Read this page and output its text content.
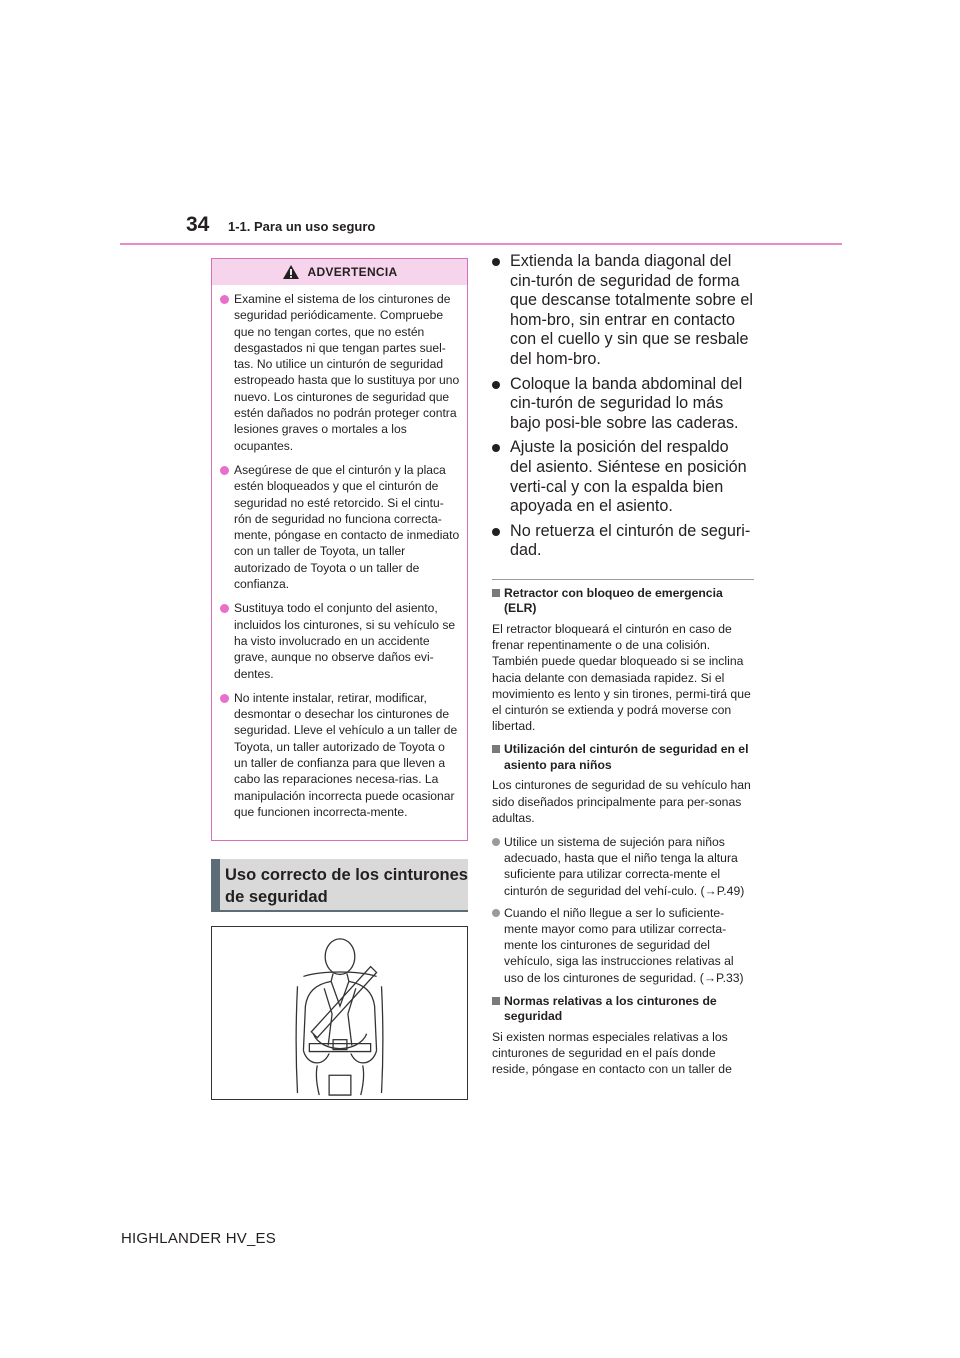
34 1-1. Para un uso seguro
ADVERTENCIA
Examine el sistema de los cinturones de seguridad periódicamente. Compruebe que no tengan cortes, que no estén desgastados ni que tengan partes suel-tas. No utilice un cinturón de seguridad estropeado hasta que lo sustituya por uno nuevo. Los cinturones de seguridad que estén dañados no podrán proteger contra lesiones graves o mortales a los ocupantes.
Asegúrese de que el cinturón y la placa estén bloqueados y que el cinturón de seguridad no esté retorcido. Si el cintu-rón de seguridad no funciona correcta-mente, póngase en contacto de inmediato con un taller de Toyota, un taller autorizado de Toyota o un taller de confianza.
Sustituya todo el conjunto del asiento, incluidos los cinturones, si su vehículo se ha visto involucrado en un accidente grave, aunque no observe daños evi-dentes.
No intente instalar, retirar, modificar, desmontar o desechar los cinturones de seguridad. Lleve el vehículo a un taller de Toyota, un taller autorizado de Toyota o un taller de confianza para que lleven a cabo las reparaciones necesa-rias. La manipulación incorrecta puede ocasionar que funcionen incorrecta-mente.
Uso correcto de los cinturones
de seguridad
Extienda la banda diagonal del cin-turón de seguridad de forma que descanse totalmente sobre el hom-bro, sin entrar en contacto con el cuello y sin que se resbale del hom-bro.
Coloque la banda abdominal del cin-turón de seguridad lo más bajo posi-ble sobre las caderas.
Ajuste la posición del respaldo del asiento. Siéntese en posición verti-cal y con la espalda bien apoyada en el asiento.
No retuerza el cinturón de seguri-dad.
Retractor con bloqueo de emergencia (ELR)
El retractor bloqueará el cinturón en caso de frenar repentinamente o de una colisión. También puede quedar bloqueado si se inclina hacia delante con demasiada rapidez. Si el movimiento es lento y sin tirones, permi-tirá que el cinturón se extienda y podrá moverse con libertad.
Utilización del cinturón de seguridad en el asiento para niños
Los cinturones de seguridad de su vehículo han sido diseñados principalmente para per-sonas adultas.
Utilice un sistema de sujeción para niños adecuado, hasta que el niño tenga la altura suficiente para utilizar correcta-mente el cinturón de seguridad del vehí-culo. (→P.49)
Cuando el niño llegue a ser lo suficiente-mente mayor como para utilizar correcta-mente los cinturones de seguridad del vehículo, siga las instrucciones relativas al uso de los cinturones de seguridad. (→P.33)
Normas relativas a los cinturones de seguridad
Si existen normas especiales relativas a los cinturones de seguridad en el país donde reside, póngase en contacto con un taller de
HIGHLANDER HV_ES
